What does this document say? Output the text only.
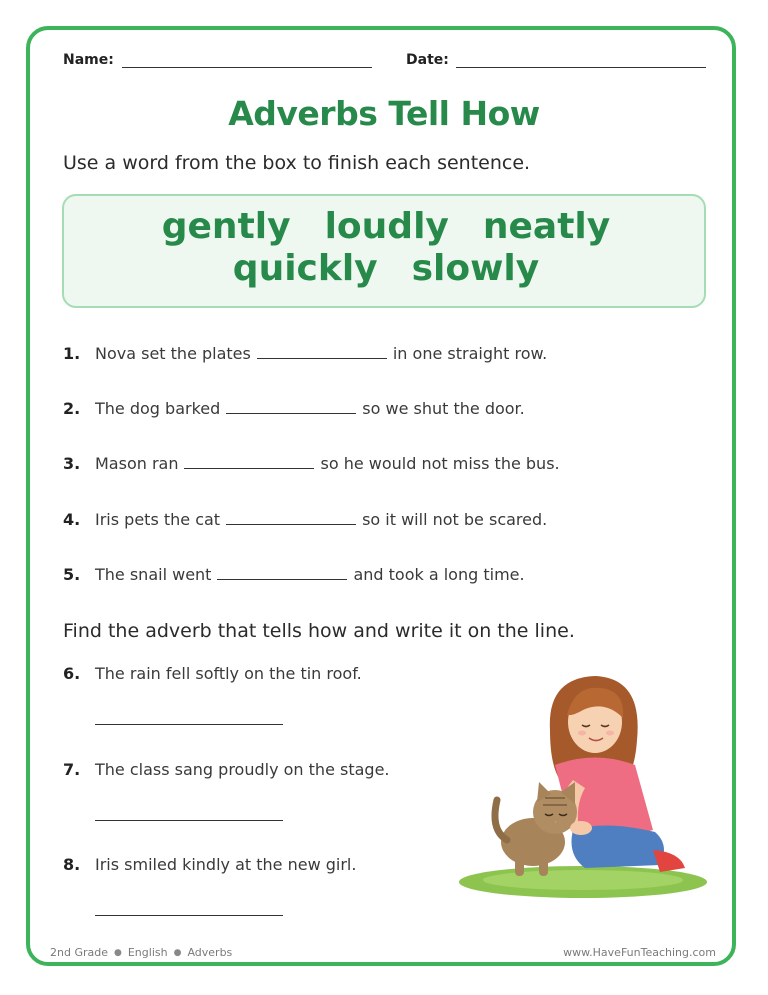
Name:	Date:
Adverbs Tell How
Use a word from the box to finish each sentence.
gently loudly neatly
quickly slowly
1. Nova set the plates	in one straight row.
2. The dog barked	so we shut the door.
3. Mason ran	so he would not miss the bus.
4. Iris pets the cat	so it will not be scared.
5. The snail went	and took a long time.
Find the adverb that tells how and write it on the line.
6. The rain fell softly on the tin roof.
7. The class sang proudly on the stage.
8. Iris smiled kindly at the new girl.
2nd Grade ● English ● Adverbs	www.HaveFunTeaching.com
